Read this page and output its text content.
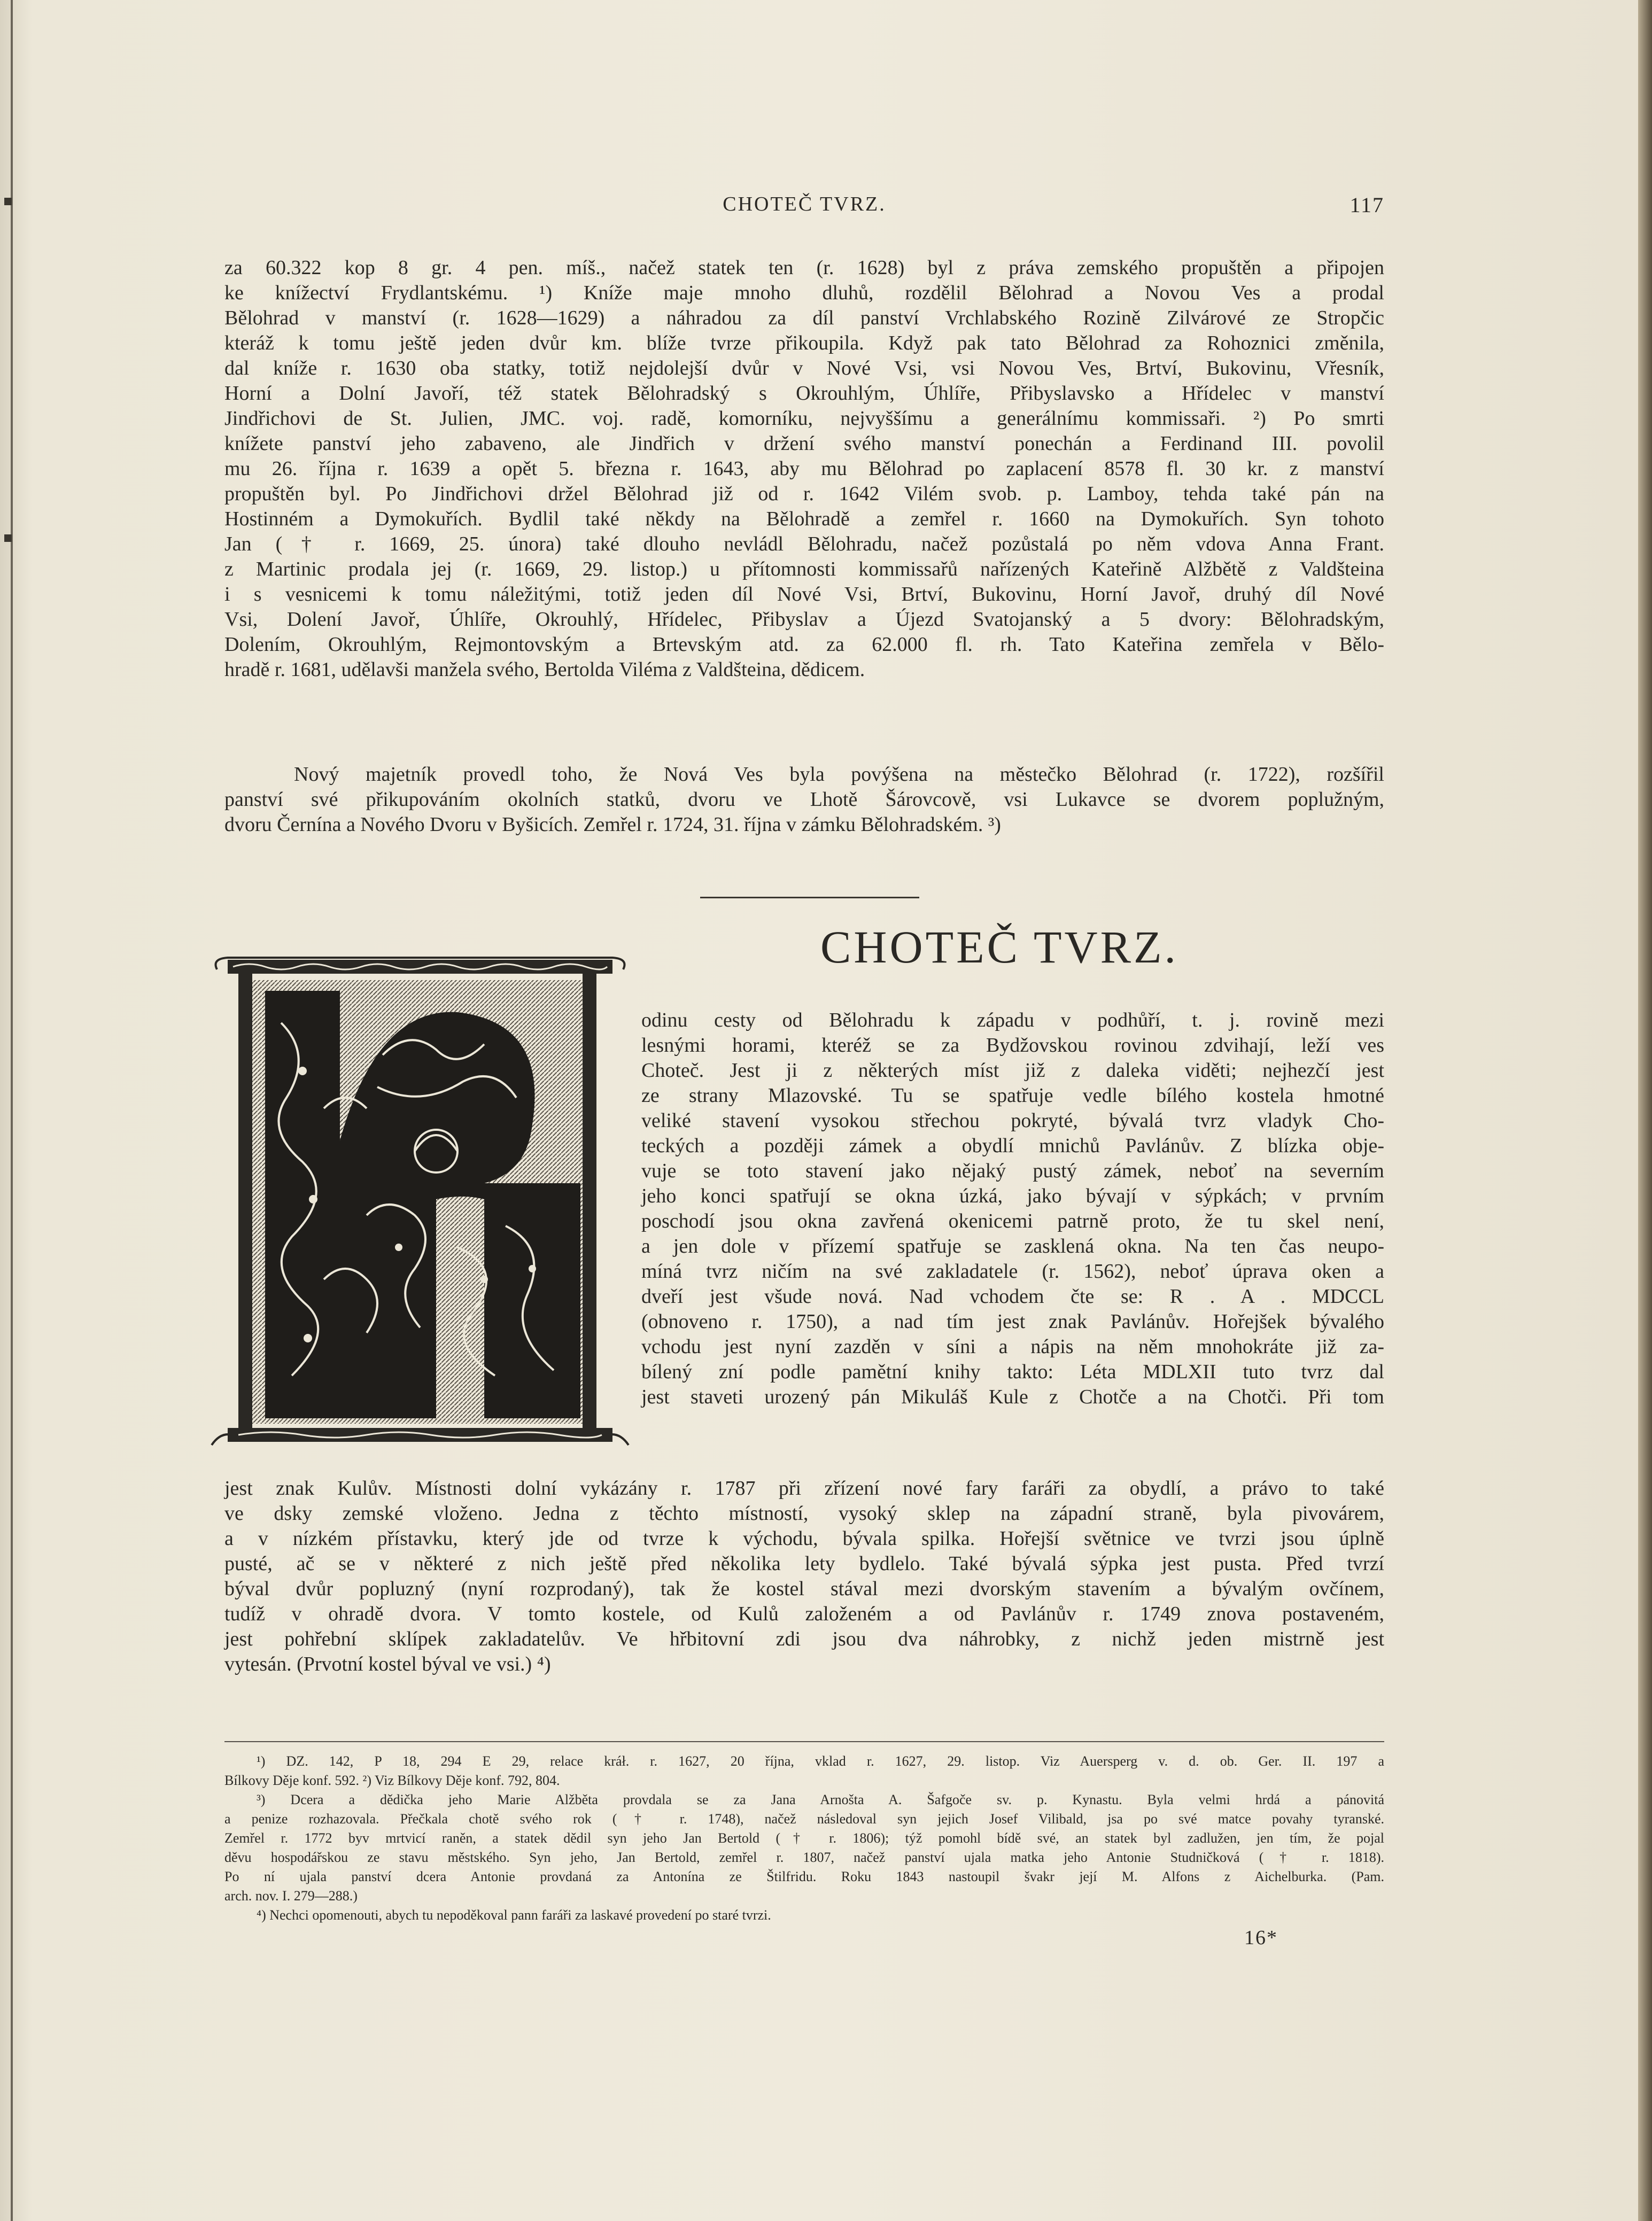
CHOTEČ TVRZ.	117
za 60.322 kop 8 gr. 4 pen. míš., načež statek ten (r. 1628) byl z práva zemského propuštěn a připojen
ke knížectví Frydlantskému. ¹) Kníže maje mnoho dluhů, rozdělil Bělohrad a Novou Ves a prodal
Bělohrad v manství (r. 1628—1629) a náhradou za díl panství Vrchlabského Rozině Zilvárové ze Stropčic
kteráž k tomu ještě jeden dvůr km. blíže tvrze přikoupila. Když pak tato Bělohrad za Rohoznici změnila,
dal kníže r. 1630 oba statky, totiž nejdolejší dvůr v Nové Vsi, vsi Novou Ves, Brtví, Bukovinu, Vřesník,
Horní a Dolní Javoří, též statek Bělohradský s Okrouhlým, Úhlíře, Přibyslavsko a Hřídelec v manství
Jindřichovi de St. Julien, JMC. voj. radě, komorníku, nejvyššímu a generálnímu kommissaři. ²) Po smrti
knížete panství jeho zabaveno, ale Jindřich v držení svého manství ponechán a Ferdinand III. povolil
mu 26. října r. 1639 a opět 5. března r. 1643, aby mu Bělohrad po zaplacení 8578 fl. 30 kr. z manství
propuštěn byl. Po Jindřichovi držel Bělohrad již od r. 1642 Vilém svob. p. Lamboy, tehda také pán na
Hostinném a Dymokuřích. Bydlil také někdy na Bělohradě a zemřel r. 1660 na Dymokuřích. Syn tohoto
Jan († r. 1669, 25. února) také dlouho nevládl Bělohradu, načež pozůstalá po něm vdova Anna Frant.
z Martinic prodala jej (r. 1669, 29. listop.) u přítomnosti kommissařů nařízených Kateřině Alžbětě z Valdšteina
i s vesnicemi k tomu náležitými, totiž jeden díl Nové Vsi, Brtví, Bukovinu, Horní Javoř, druhý díl Nové
Vsi, Dolení Javoř, Úhlíře, Okrouhlý, Hřídelec, Přibyslav a Újezd Svatojanský a 5 dvory: Bělohradským,
Dolením, Okrouhlým, Rejmontovským a Brtevským atd. za 62.000 fl. rh. Tato Kateřina zemřela v Bělo-
hradě r. 1681, udělavši manžela svého, Bertolda Viléma z Valdšteina, dědicem.
Nový majetník provedl toho, že Nová Ves byla povýšena na městečko Bělohrad (r. 1722), rozšířil
panství své přikupováním okolních statků, dvoru ve Lhotě Šárovcově, vsi Lukavce se dvorem poplužným,
dvoru Černína a Nového Dvoru v Byšicích. Zemřel r. 1724, 31. října v zámku Bělohradském. ³)
CHOTEČ TVRZ.
odinu cesty od Bělohradu k západu v podhůří, t. j. rovině mezi
lesnými horami, kteréž se za Bydžovskou rovinou zdvihají, leží ves
Choteč. Jest ji z některých míst již z daleka viděti; nejhezčí jest
ze strany Mlazovské. Tu se spatřuje vedle bílého kostela hmotné
veliké stavení vysokou střechou pokryté, bývalá tvrz vladyk Cho-
teckých a později zámek a obydlí mnichů Pavlánův. Z blízka obje-
vuje se toto stavení jako nějaký pustý zámek, neboť na severním
jeho konci spatřují se okna úzká, jako bývají v sýpkách; v prvním
poschodí jsou okna zavřená okenicemi patrně proto, že tu skel není,
a jen dole v přízemí spatřuje se zasklená okna. Na ten čas neupo-
míná tvrz ničím na své zakladatele (r. 1562), neboť úprava oken a
dveří jest všude nová. Nad vchodem čte se: R . A . MDCCL
(obnoveno r. 1750), a nad tím jest znak Pavlánův. Hořejšek bývalého
vchodu jest nyní zazděn v síni a nápis na něm mnohokráte již za-
bílený zní podle pamětní knihy takto: Léta MDLXII tuto tvrz dal
jest staveti urozený pán Mikuláš Kule z Chotče a na Chotči. Při tom
jest znak Kulův. Místnosti dolní vykázány r. 1787 při zřízení nové fary faráři za obydlí, a právo to také
ve dsky zemské vloženo. Jedna z těchto místností, vysoký sklep na západní straně, byla pivovárem,
a v nízkém přístavku, který jde od tvrze k východu, bývala spilka. Hořejší světnice ve tvrzi jsou úplně
pusté, ač se v některé z nich ještě před několika lety bydlelo. Také bývalá sýpka jest pusta. Před tvrzí
býval dvůr popluzný (nyní rozprodaný), tak že kostel stával mezi dvorským stavením a bývalým ovčínem,
tudíž v ohradě dvora. V tomto kostele, od Kulů založeném a od Pavlánův r. 1749 znova postaveném,
jest pohřební sklípek zakladatelův. Ve hřbitovní zdi jsou dva náhrobky, z nichž jeden mistrně jest
vytesán. (Prvotní kostel býval ve vsi.) ⁴)
¹) DZ. 142, P 18, 294 E 29, relace kráł. r. 1627, 20 října, vklad r. 1627, 29. listop. Viz Auersperg v. d. ob. Ger. II. 197 a
Bílkovy Děje konf. 592. ²) Viz Bílkovy Děje konf. 792, 804.
³) Dcera a dědička jeho Marie Alžběta provdala se za Jana Arnošta A. Šafgoče sv. p. Kynastu. Byla velmi hrdá a pánovitá
a penize rozhazovala. Přečkala chotě svého rok († r. 1748), načež následoval syn jejich Josef Vilibald, jsa po své matce povahy tyranské.
Zemřel r. 1772 byv mrtvicí raněn, a statek dědil syn jeho Jan Bertold († r. 1806); týž pomohl bídě své, an statek byl zadlužen, jen tím, že pojal
děvu hospodářskou ze stavu městského. Syn jeho, Jan Bertold, zemřel r. 1807, načež panství ujala matka jeho Antonie Studničková († r. 1818).
Po ní ujala panství dcera Antonie provdaná za Antonína ze Štilfridu. Roku 1843 nastoupil švakr její M. Alfons z Aichelburka. (Pam.
arch. nov. I. 279—288.)
⁴) Nechci opomenouti, abych tu nepoděkoval pann faráři za laskavé provedení po staré tvrzi.
16*
